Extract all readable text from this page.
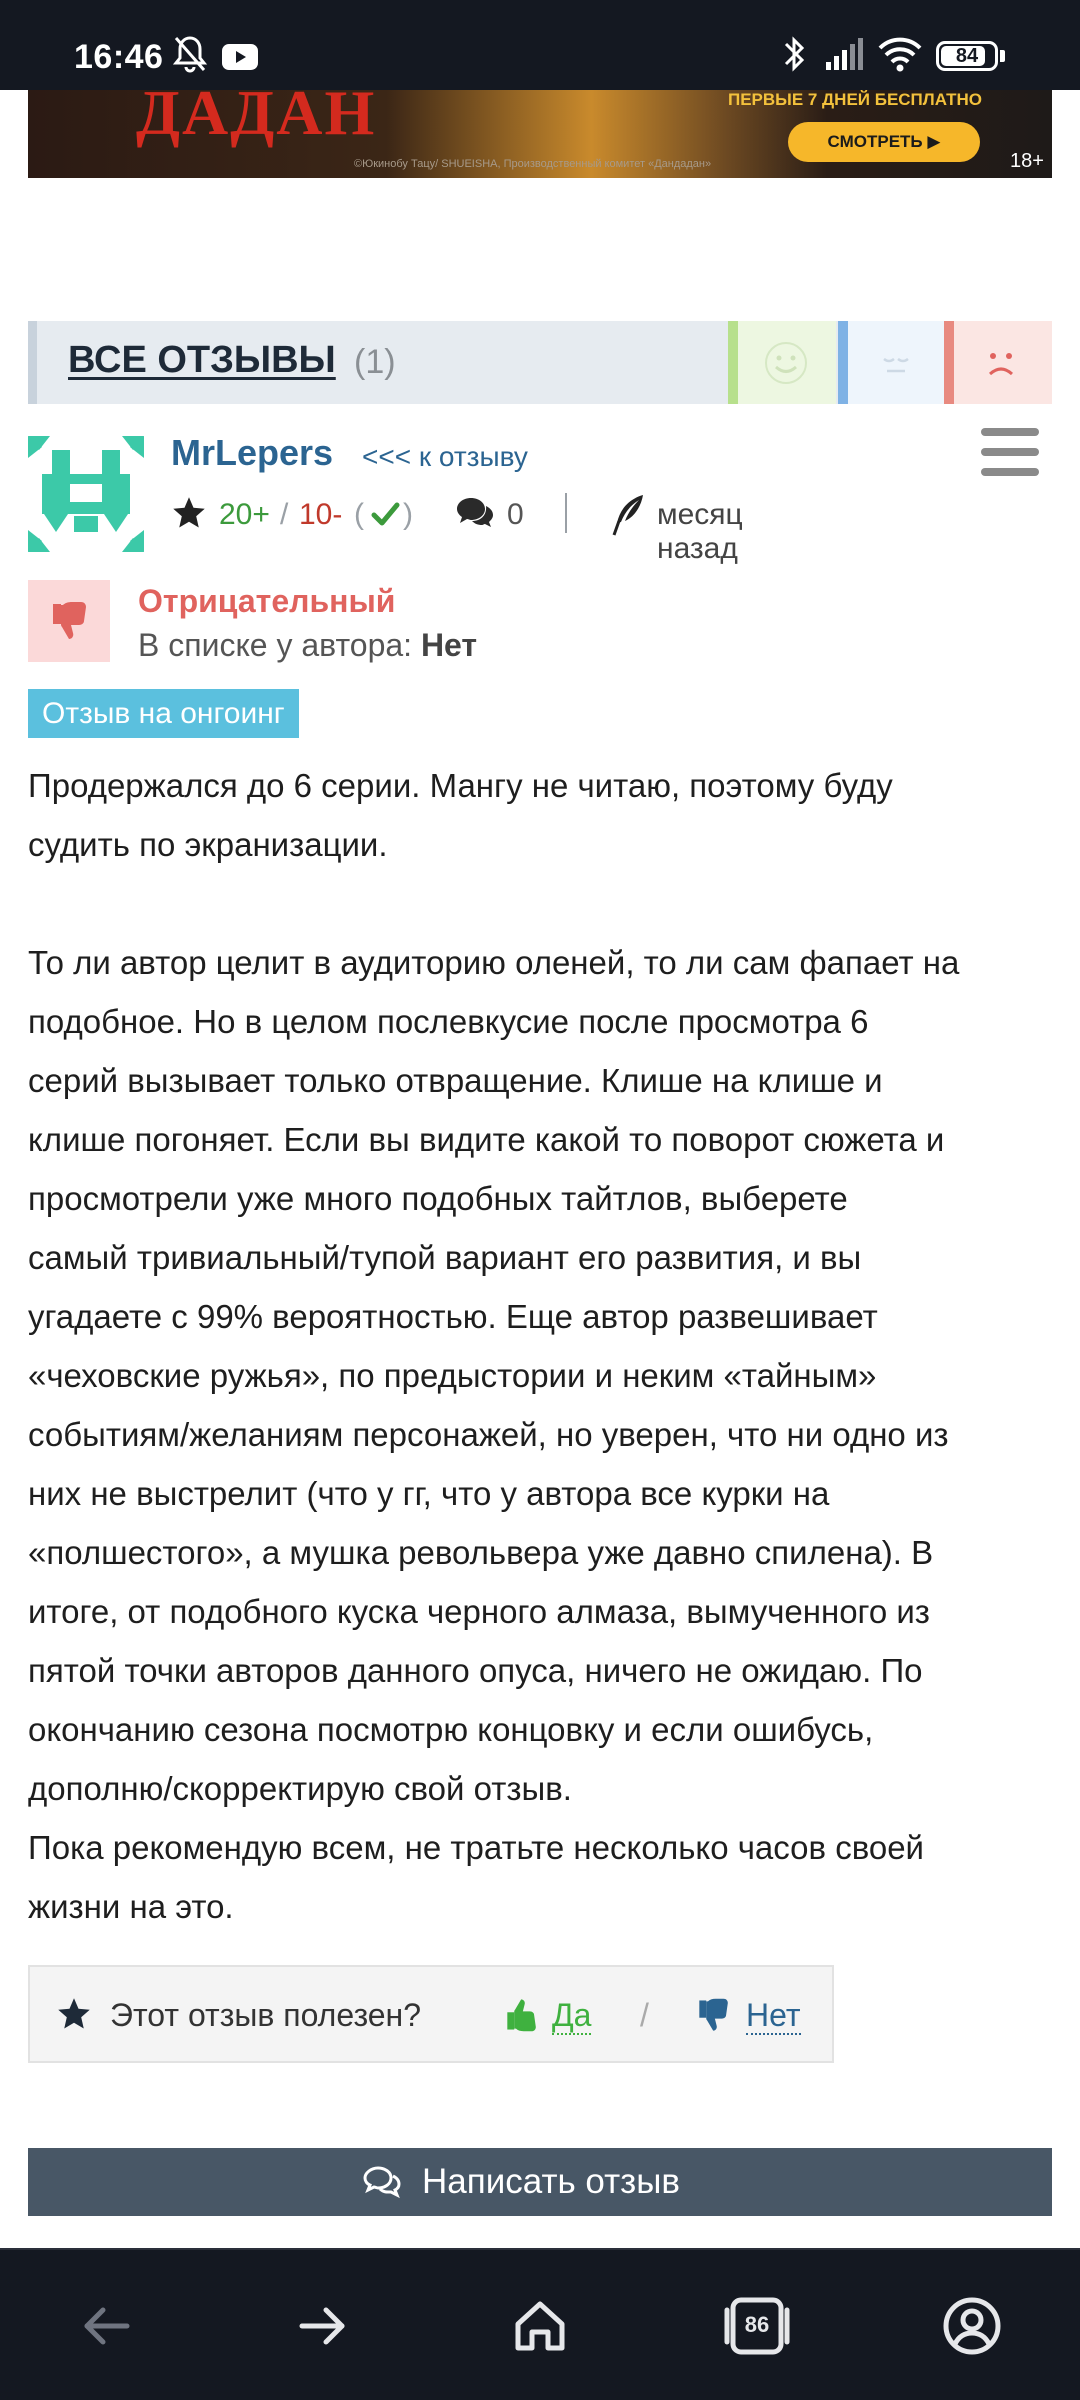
16:46	84
ДАДАН	ПЕРВЫЕ 7 ДНЕЙ БЕСПЛАТНО
СМОТРЕТЬ ▶
©Юкинобу Тацу/ SHUEISHA, Производственный комитет «Дандадан»	18+
ВСЕ ОТЗЫВЫ (1)
MrLepers <<< к отзыву
20+ / 10- ( )	0	месяц назад
Отрицательный
В списке у автора: Нет
Отзыв на онгоинг
Продержался до 6 серии. Мангу не читаю, поэтому буду
судить по экранизации.

То ли автор целит в аудиторию оленей, то ли сам фапает на
подобное. Но в целом послевкусие после просмотра 6
серий вызывает только отвращение. Клише на клише и
клише погоняет. Если вы видите какой то поворот сюжета и
просмотрели уже много подобных тайтлов, выберете
самый тривиальный/тупой вариант его развития, и вы
угадаете с 99% вероятностью. Еще автор развешивает
«чеховские ружья», по предыстории и неким «тайным»
событиям/желаниям персонажей, но уверен, что ни одно из
них не выстрелит (что у гг, что у автора все курки на
«полшестого», а мушка револьвера уже давно спилена). В
итоге, от подобного куска черного алмаза, вымученного из
пятой точки авторов данного опуса, ничего не ожидаю. По
окончанию сезона посмотрю концовку и если ошибусь,
дополню/скорректирую свой отзыв.
Пока рекомендую всем, не тратьте несколько часов своей
жизни на это.
Этот отзыв полезен?	Да /	Нет
Написать отзыв
86
